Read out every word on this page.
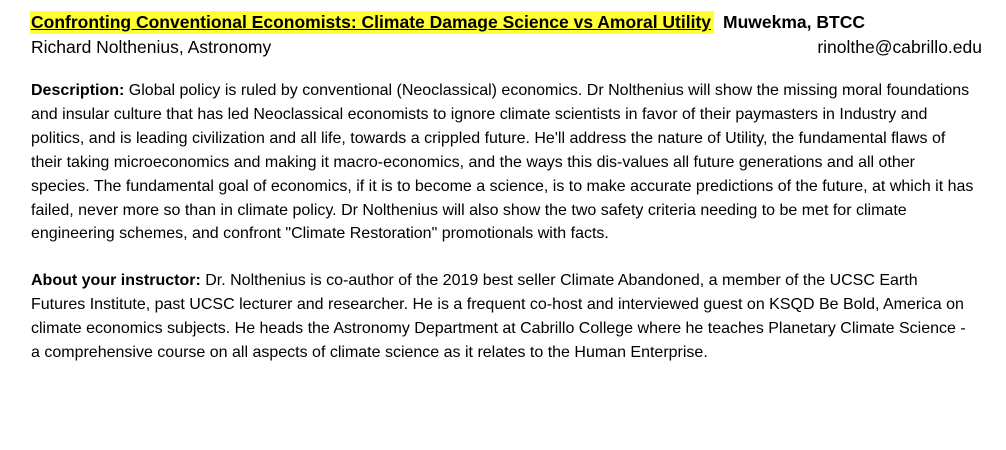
Confronting Conventional Economists: Climate Damage Science vs Amoral Utility Muwekma, BTCC
Richard Nolthenius, Astronomy	rinolthe@cabrillo.edu
Description: Global policy is ruled by conventional (Neoclassical) economics. Dr Nolthenius will show the missing moral foundations and insular culture that has led Neoclassical economists to ignore climate scientists in favor of their paymasters in Industry and politics, and is leading civilization and all life, towards a crippled future. He'll address the nature of Utility, the fundamental flaws of their taking microeconomics and making it macro-economics, and the ways this dis-values all future generations and all other species. The fundamental goal of economics, if it is to become a science, is to make accurate predictions of the future, at which it has failed, never more so than in climate policy. Dr Nolthenius will also show the two safety criteria needing to be met for climate engineering schemes, and confront "Climate Restoration" promotionals with facts.
About your instructor: Dr. Nolthenius is co-author of the 2019 best seller Climate Abandoned, a member of the UCSC Earth Futures Institute, past UCSC lecturer and researcher. He is a frequent co-host and interviewed guest on KSQD Be Bold, America on climate economics subjects. He heads the Astronomy Department at Cabrillo College where he teaches Planetary Climate Science - a comprehensive course on all aspects of climate science as it relates to the Human Enterprise.
